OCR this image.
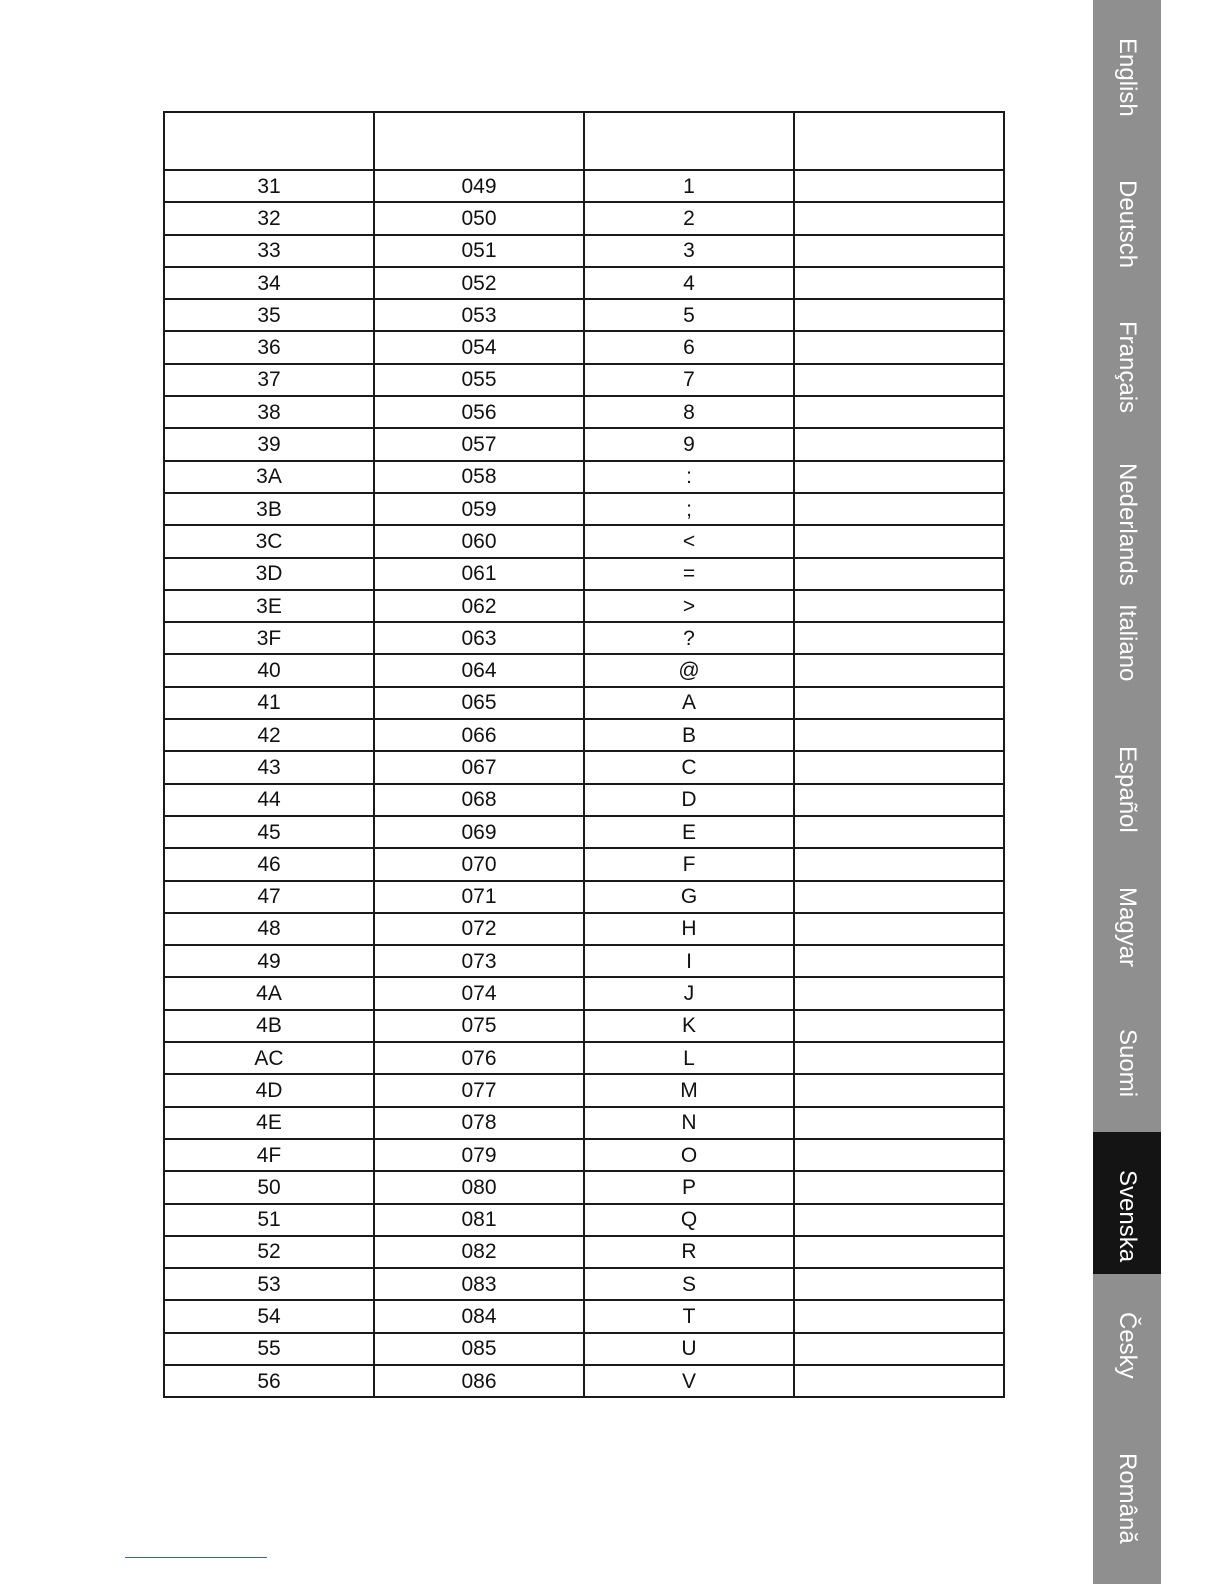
31	049	1	
32	050	2	
33	051	3	
34	052	4	
35	053	5	
36	054	6	
37	055	7	
38	056	8	
39	057	9	
3A	058	:	
3B	059	;	
3C	060	<	
3D	061	=	
3E	062	>	
3F	063	?	
40	064	@	
41	065	A	
42	066	B	
43	067	C	
44	068	D	
45	069	E	
46	070	F	
47	071	G	
48	072	H	
49	073	I	
4A	074	J	
4B	075	K	
AC	076	L	
4D	077	M	
4E	078	N	
4F	079	O	
50	080	P	
51	081	Q	
52	082	R	
53	083	S	
54	084	T	
55	085	U	
56	086	V	
English
Deutsch
Français
Nederlands
Italiano
Español
Magyar
Suomi
Svenska
Česky
Română
